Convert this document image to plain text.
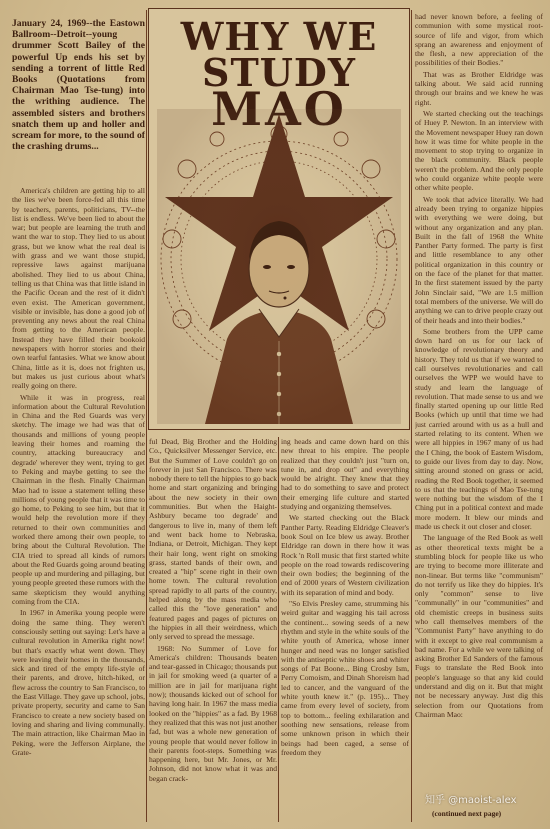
January 24, 1969--the Eastown Ballroom--Detroit--young drummer Scott Bailey of the powerful Up ends his set by sending a torrent of little Red Books (Quotations from Chairman Mao Tse-tung) into the writhing audience. The assembled sisters and brothers snatch them up and holler and scream for more, to the sound of the crashing drums...

America's children are getting hip to all the lies we've been force-fed all this time by teachers, parents, politicians, TV--the list is endless. We've been lied to about the war; but people are learning the truth and want the war to stop. They lied to us about grass, but we know what the real deal is with grass and we want those stupid, repressive laws against marijuana abolished. They lied to us about China, telling us that China was that little island in the Pacific Ocean and the rest of it didn't even exist. The American government, visible or invisible, has done a good job of preventing any news about the real China from getting to the American people. Instead they have filled their bookoid newspapers with horror stories and their own tearful fantasies. What we know about China, little as it is, does not frighten us, but makes us just curious about what's really going on there.

While it was in progress, real information about the Cultural Revolution in China and the Red Guards was very sketchy. The image we had was that of thousands and millions of young people leaving their homes and roaming the country, attacking bureaucracy and degrade' wherever they went, trying to get to Peking and maybe getting to see the Chairman in the flesh. Finally Chairman Mao had to issue a statement telling these millions of young people that it was time to go home, to Peking to see him, but that it would help the revolution more if they returned to their own communities and worked there among their own people, to bring about the Cultural Revolution. The CIA tried to spread all kinds of rumors about the Red Guards going around beating people up and murdering and pillaging, but young people greeted these rumors with the same skepticism they would anything coming from the CIA.

In 1967 in Amerika young people were doing the same thing. They weren't consciously setting out saying: Let's have a cultural revolution in Amerika right now! but that's exactly what went down. They were leaving their homes in the thousands, sick and tired of the empty life-style of their parents, and drove, hitch-hiked, or flew across the country to San Francisco, to the East Village. They gave up school, jobs, private property, security and came to San Francisco to create a new society based on loving and sharing and living communally. The main attraction, like Chairman Mao in Peking, were the Jefferson Airplane, the Grate-

WHY WE STUDY

ful Dead, Big Brother and the Holding Co., Quicksilver Messenger Service, etc. But the Summer of Love couldn't go on forever in just San Francisco. There was nobody there to tell the hippies to go back home and start organizing and bringing about the new society in their own communities. But when the Haight-Ashbury became too degrade' and dangerous to live in, many of them left and went back home to Nebraska, Indiana, or Detroit, Michigan. They kept their hair long, went right on smoking grass, started bands of their own, and created a "hip" scene right in their own home town. The cultural revolution spread rapidly to all parts of the country, helped along by the mass media who called this the "love generation" and featured pages and pages of pictures on the hippies in all their weirdness, which only served to spread the message.

1968: No Summer of Love for America's children: Thousands beaten and tear-gassed in Chicago; thousands put in jail for smoking weed (a quarter of a million are in jail for marijuana right now); thousands kicked out of school for having long hair. In 1967 the mass media looked on the "hippies" as a fad. By 1968 they realized that this was not just another fad, but was a whole new generation of young people that would never follow in their parents foot-steps. Something was happening here, but Mr. Jones, or Mr. Johnson, did not know what it was and began crack-

ing heads and came down hard on this new threat to his empire. The people realized that they couldn't just "turn on, tune in, and drop out" and everything would be alright. They knew that they had to do something to save and protect their emerging life culture and started studying and organizing themselves.

We started checking out the Black Panther Party. Reading Eldridge Cleaver's book Soul on Ice blew us away. Brother Eldridge ran down in there how it was Rock 'n Roll music that first started white people on the road towards rediscovering their own bodies; the beginning of the end of 2000 years of Western civilization with its separation of mind and body.

"So Elvis Presley came, strumming his weird guitar and wagging his tail across the continent... sowing seeds of a new rhythm and style in the white souls of the white youth of America, whose inner hunger and need was no longer satisfied with the antiseptic white shoes and whiter songs of Pat Boone... Bing Crosby Ism, Perry Comoism, and Dinah Shoreism had led to cancer, and the vanguard of the white youth knew it." (p. 195)... They came from every level of society, from top to bottom... feeling exhilaration and soothing new sensations, release from some unknown prison in which their beings had been caged, a sense of freedom they

had never known before, a feeling of communion with some mystical root-source of life and vigor, from which sprang an awareness and enjoyment of the flesh, a new appreciation of the possibilities of their Bodies."

That was as Brother Eldridge was talking about. We said acid running through our brains and we knew he was right.

We started checking out the teachings of Huey P. Newton. In an interview with the Movement newspaper Huey ran down how it was time for white people in the movement to stop trying to organize in the black community. Black people weren't the problem. And the only people who could organize white people were other white people.

We took that advice literally. We had already been trying to organize hippies with everything we were doing, but without any organization and any plan. Built in the fall of 1968 the White Panther Party formed. The party is first and little resemblance to any other political organization in this country or on the face of the planet for that matter. In the first statement issued by the party John Sinclair said, "We are 1.5 million total members of the universe. We will do anything we can to drive people crazy out of their heads and into their bodies."

Some brothers from the UPP came down hard on us for our lack of knowledge of revolutionary theory and history. They told us that if we wanted to call ourselves revolutionaries and call ourselves the WPP we would have to study and learn the language of revolution. That made sense to us and we finally started opening up our little Red Books (which up until that time we had just carried around with us as a hull and started relating to its content. When we were all hippies in 1967 many of us had the I Ching, the book of Eastern Wisdom, to guide our lives from day to day. Now, sitting around stoned on grass or acid, reading the Red Book together, it seemed to us that the teachings of Mao Tse-tung were nothing but the wisdom of the I Ching put in a political context and made more modern. It blew our minds and made us check it out closer and closer.

The language of the Red Book as well as other theoretical texts might be a stumbling block for people like us who are trying to become more illiterate and non-linear. But terms like "communism" do not terrify us like they do hippies. It's only "common" sense to live "communally" in our "communities" and old chemistic creeps in business suits who call themselves members of the "Communist Party" have anything to do with it except to give real communism a bad name. For a while we were talking of asking Brother Ed Sanders of the famous Fugs to translate the Red Book into people's language so that any kid could understand and dig on it. But that might not be necessary anyway. Just dig this selection from our Quotations from Chairman Mao:

知乎 @maoist-alex
(continued next page)
